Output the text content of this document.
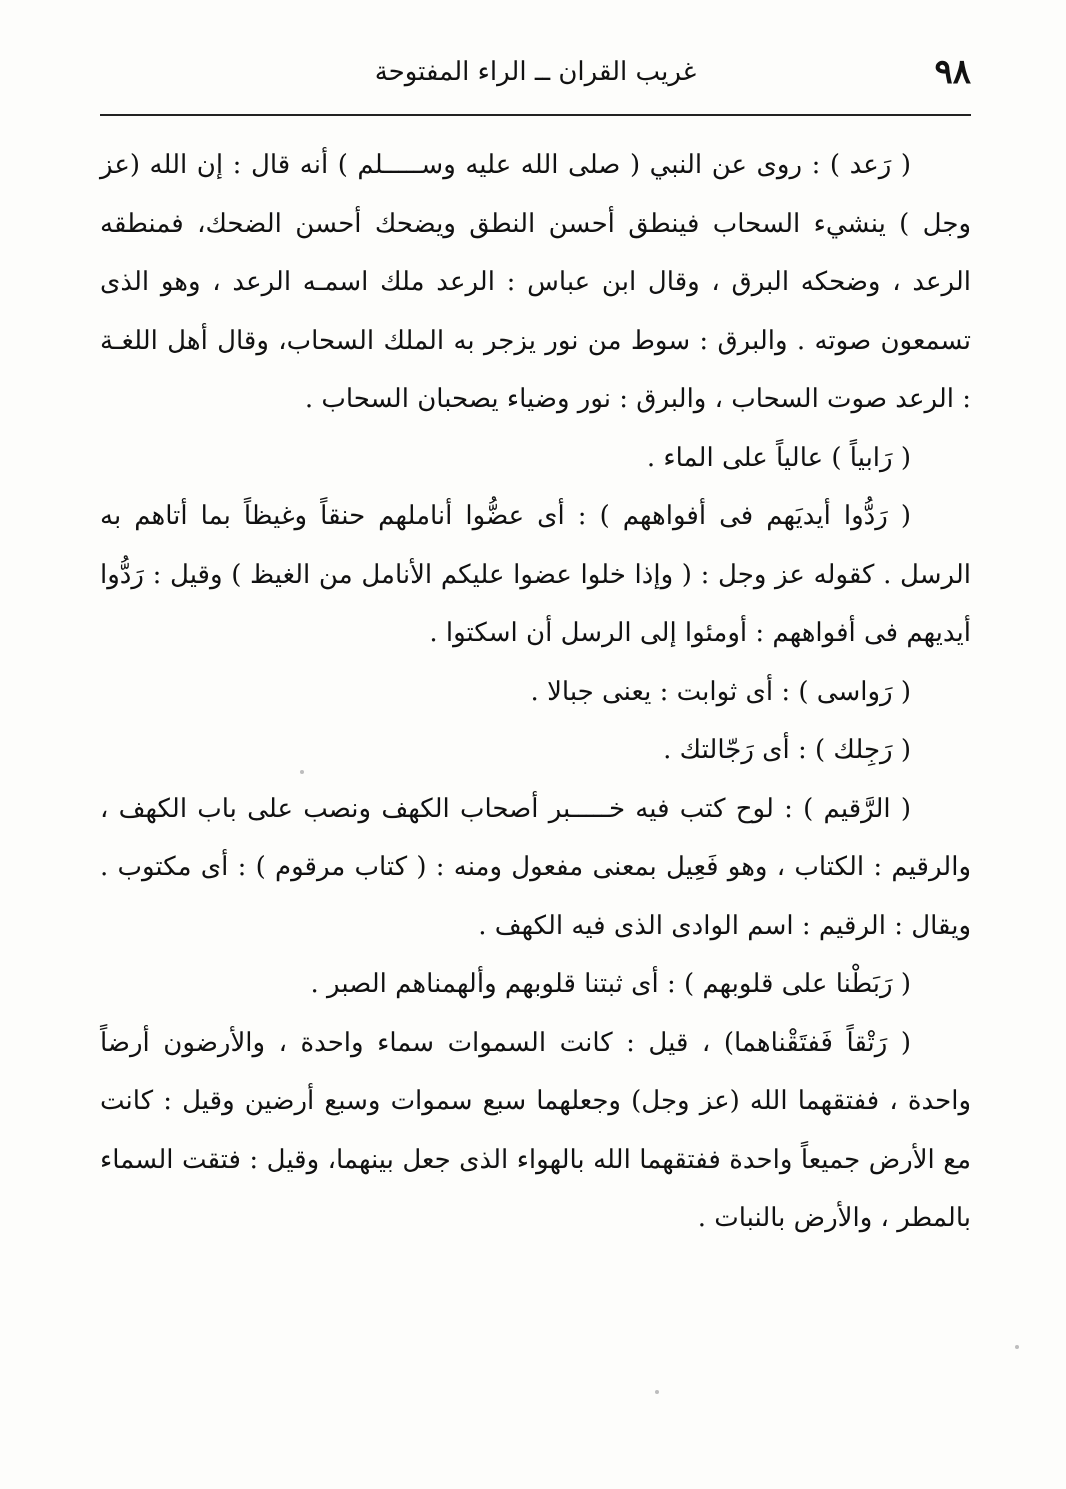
٩٨
غريب القران ــ الراء المفتوحة

( رَعد ) : روى عن النبي ( صلى الله عليه وســـــلم ) أنه قال : إن الله (عز وجل ) ينشيء السحاب فينطق أحسن النطق ويضحك أحسن الضحك، فمنطقه الرعد ، وضحكه البرق ، وقال ابن عباس : الرعد ملك اسمـه الرعد ، وهو الذى تسمعون صوته . والبرق : سوط من نور يزجر به الملك السحاب، وقال أهل اللغـة : الرعد صوت السحاب ، والبرق : نور وضياء يصحبان السحاب .

( رَابياً ) عالياً على الماء .

( رَدُّوا أيديَهم فى أفواههم ) : أى عضُّوا أناملهم حنقاً وغيظاً بما أتاهم به الرسل . كقوله عز وجل : ( وإذا خلوا عضوا عليكم الأنامل من الغيظ ) وقيل : رَدُّوا أيديهم فى أفواههم : أومئوا إلى الرسل أن اسكتوا .

( رَواسى ) : أى ثوابت : يعنى جبالا .

( رَجِلك ) : أى رَجّالتك .

( الرَّقيم ) : لوح كتب فيه خـــــبر أصحاب الكهف ونصب على باب الكهف ، والرقيم : الكتاب ، وهو فَعِيل بمعنى مفعول ومنه : ( كتاب مرقوم ) : أى مكتوب . ويقال : الرقيم : اسم الوادى الذى فيه الكهف .

( رَبَطْنا على قلوبهم ) : أى ثبتنا قلوبهم وألهمناهم الصبر .

( رَتْقاً فَفتَقْناهما) ، قيل : كانت السموات سماء واحدة ، والأرضون أرضاً واحدة ، ففتقهما الله (عز وجل) وجعلهما سبع سموات وسبع أرضين وقيل : كانت مع الأرض جميعاً واحدة ففتقهما الله بالهواء الذى جعل بينهما، وقيل : فتقت السماء بالمطر ، والأرض بالنبات .
